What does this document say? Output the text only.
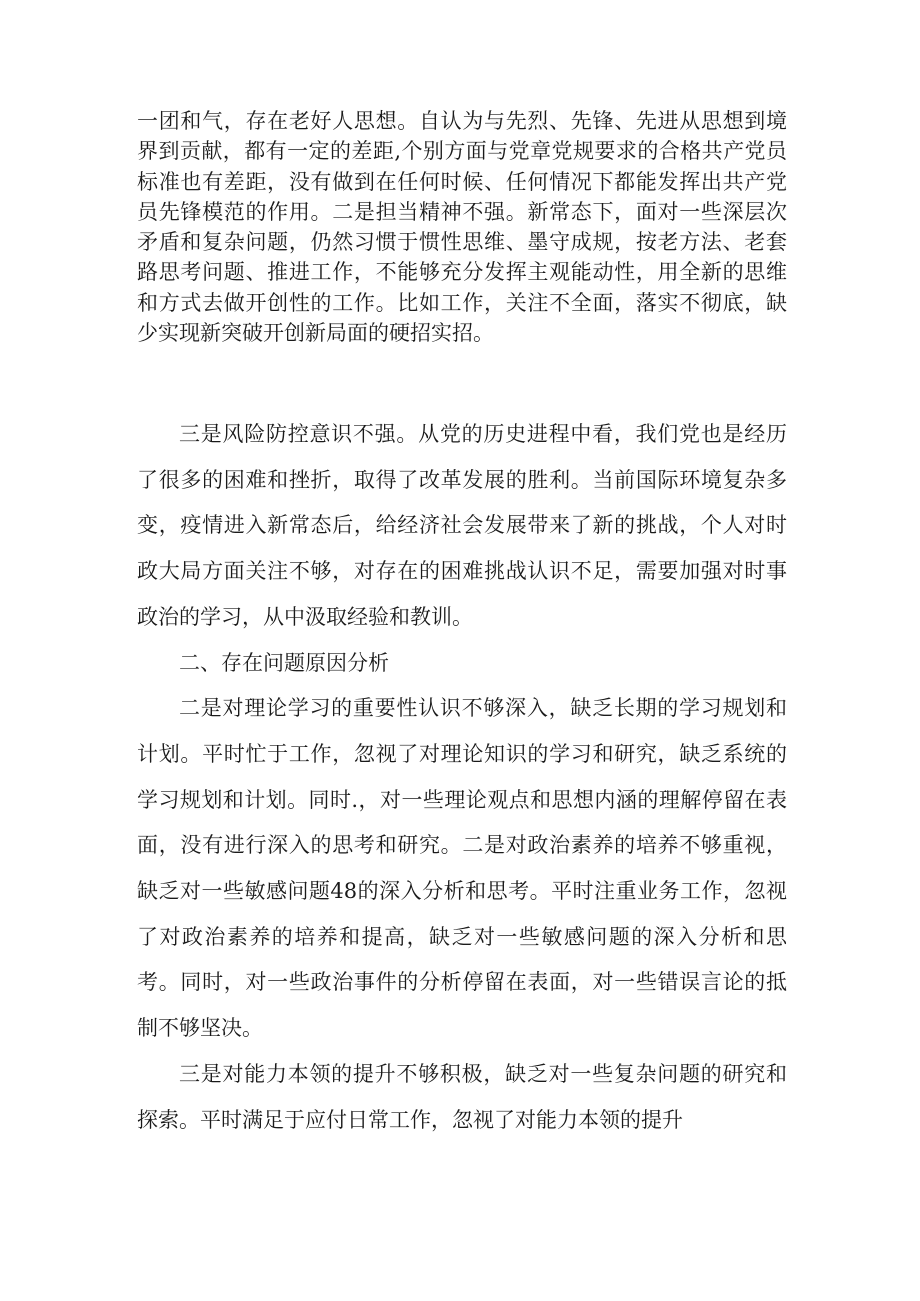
一团和气，存在老好人思想。自认为与先烈、先锋、先进从思想到境界到贡献，都有一定的差距,个别方面与党章党规要求的合格共产党员标准也有差距，没有做到在任何时候、任何情况下都能发挥出共产党员先锋模范的作用。二是担当精神不强。新常态下，面对一些深层次矛盾和复杂问题，仍然习惯于惯性思维、墨守成规，按老方法、老套路思考问题、推进工作，不能够充分发挥主观能动性，用全新的思维和方式去做开创性的工作。比如工作，关注不全面，落实不彻底，缺少实现新突破开创新局面的硬招实招。

三是风险防控意识不强。从党的历史进程中看，我们党也是经历了很多的困难和挫折，取得了改革发展的胜利。当前国际环境复杂多变，疫情进入新常态后，给经济社会发展带来了新的挑战，个人对时政大局方面关注不够，对存在的困难挑战认识不足，需要加强对时事政治的学习，从中汲取经验和教训。

二、存在问题原因分析

二是对理论学习的重要性认识不够深入，缺乏长期的学习规划和计划。平时忙于工作，忽视了对理论知识的学习和研究，缺乏系统的学习规划和计划。同时.，对一些理论观点和思想内涵的理解停留在表面，没有进行深入的思考和研究。二是对政治素养的培养不够重视，缺乏对一些敏感问题48的深入分析和思考。平时注重业务工作，忽视了对政治素养的培养和提高，缺乏对一些敏感问题的深入分析和思考。同时，对一些政治事件的分析停留在表面，对一些错误言论的抵制不够坚决。

三是对能力本领的提升不够积极，缺乏对一些复杂问题的研究和探索。平时满足于应付日常工作，忽视了对能力本领的提升
